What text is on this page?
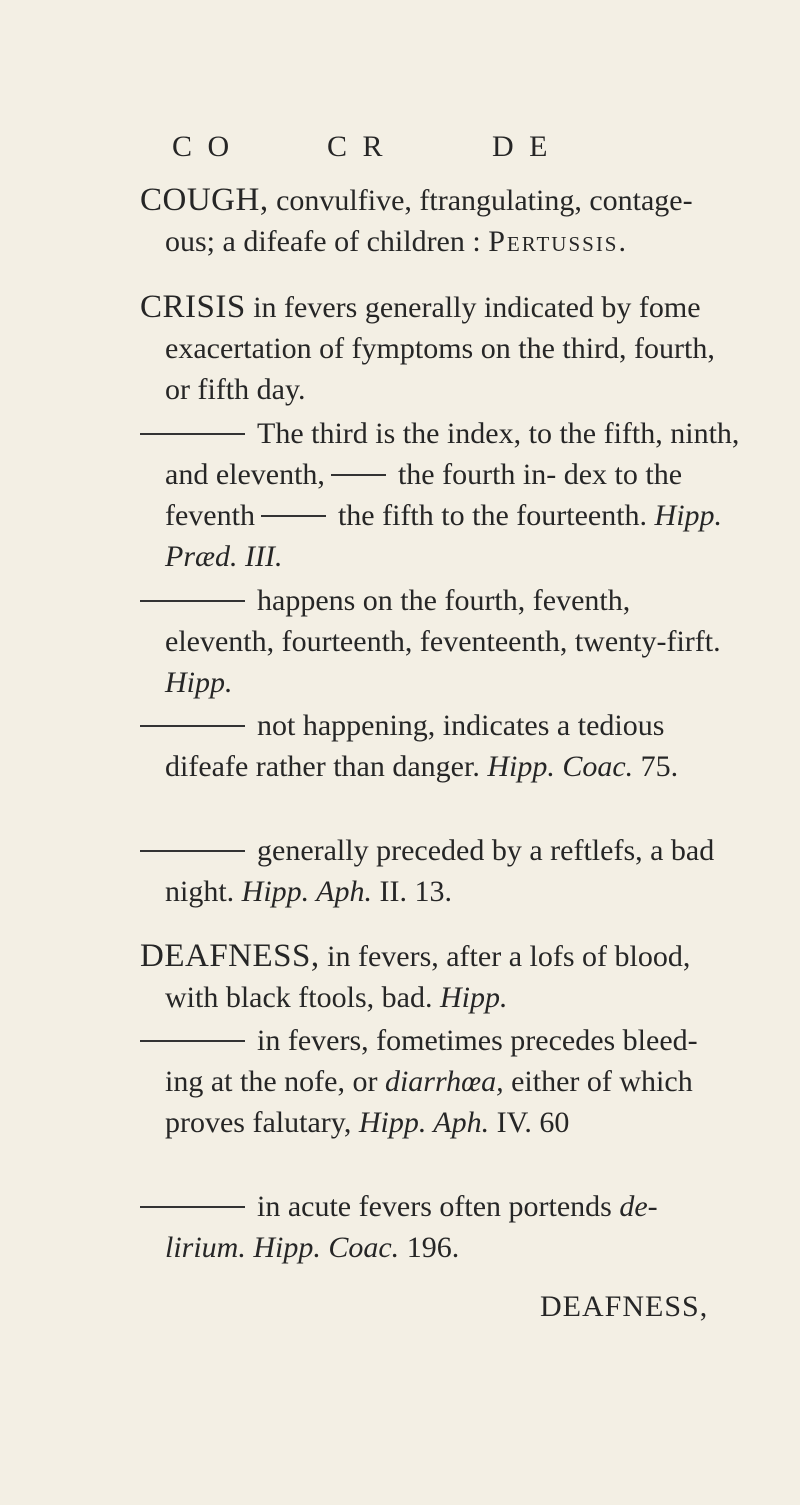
C O	C R	D E

COUGH, convulfive, ftrangulating, contage- ous; a difeafe of children : Pertussis.

CRISIS in fevers generally indicated by fome exacertation of fymptoms on the third, fourth, or fifth day.

The third is the index, to the fifth, ninth, and eleventh, the fourth in- dex to the feventh	the fifth to the fourteenth. Hipp. Præd. III.

happens on the fourth, feventh, eleventh, fourteenth, feventeenth, twenty-firft. Hipp.

not happening, indicates a tedious difeafe rather than danger. Hipp. Coac. 75.

generally preceded by a reftlefs, a bad night. Hipp. Aph. II. 13.

DEAFNESS, in fevers, after a lofs of blood, with black ftools, bad. Hipp.

in fevers, fometimes precedes bleed- ing at the nofe, or diarrhœa, either of which proves falutary, Hipp. Aph. IV. 60

in acute fevers often portends de- lirium. Hipp. Coac. 196.

DEAFNESS,
